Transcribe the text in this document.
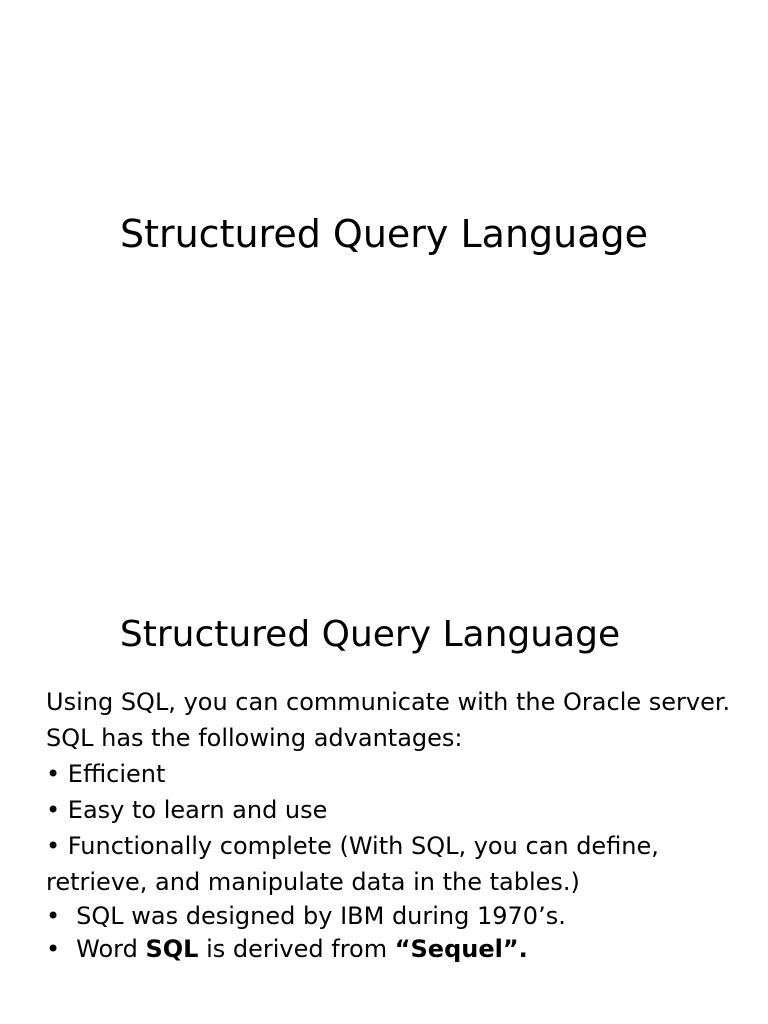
Structured Query Language
Structured Query Language

Using SQL, you can communicate with the Oracle server. SQL has the following advantages:

• Efficient

• Easy to learn and use

• Functionally complete (With SQL, you can define, retrieve, and manipulate data in the tables.)

• SQL was designed by IBM during 1970’s.

• Word SQL is derived from “Sequel”.
